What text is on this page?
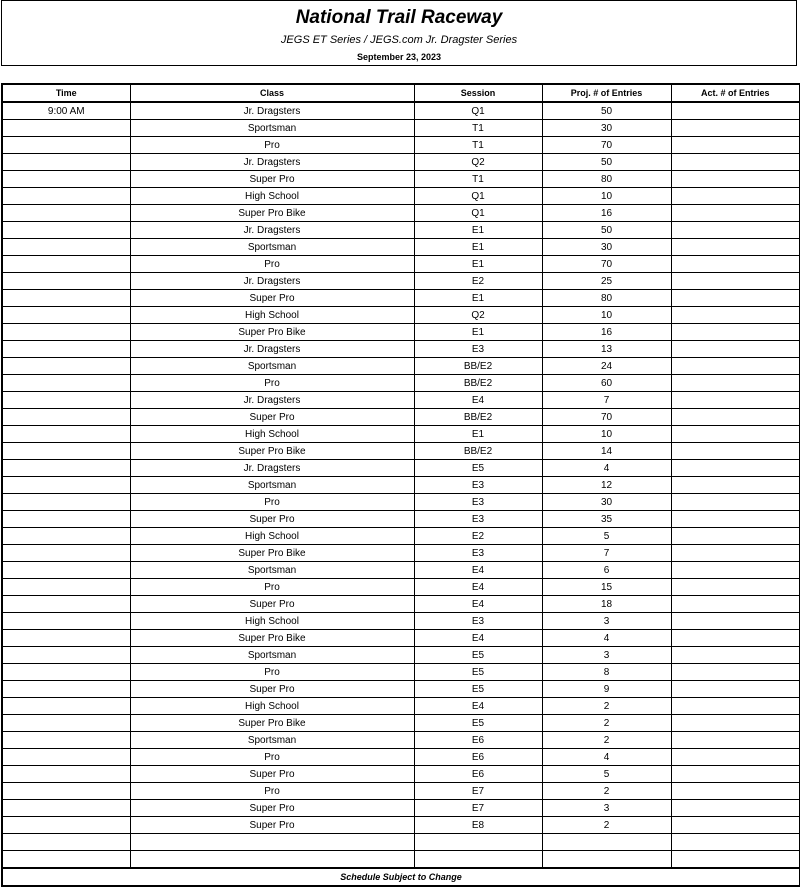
National Trail Raceway
JEGS ET Series / JEGS.com Jr. Dragster Series
September 23, 2023
Time	Class	Session	Proj. # of Entries	Act. # of Entries
9:00 AM	Jr. Dragsters	Q1	50	
	Sportsman	T1	30	
	Pro	T1	70	
	Jr. Dragsters	Q2	50	
	Super Pro	T1	80	
	High School	Q1	10	
	Super Pro Bike	Q1	16	
	Jr. Dragsters	E1	50	
	Sportsman	E1	30	
	Pro	E1	70	
	Jr. Dragsters	E2	25	
	Super Pro	E1	80	
	High School	Q2	10	
	Super Pro Bike	E1	16	
	Jr. Dragsters	E3	13	
	Sportsman	BB/E2	24	
	Pro	BB/E2	60	
	Jr. Dragsters	E4	7	
	Super Pro	BB/E2	70	
	High School	E1	10	
	Super Pro Bike	BB/E2	14	
	Jr. Dragsters	E5	4	
	Sportsman	E3	12	
	Pro	E3	30	
	Super Pro	E3	35	
	High School	E2	5	
	Super Pro Bike	E3	7	
	Sportsman	E4	6	
	Pro	E4	15	
	Super Pro	E4	18	
	High School	E3	3	
	Super Pro Bike	E4	4	
	Sportsman	E5	3	
	Pro	E5	8	
	Super Pro	E5	9	
	High School	E4	2	
	Super Pro Bike	E5	2	
	Sportsman	E6	2	
	Pro	E6	4	
	Super Pro	E6	5	
	Pro	E7	2	
	Super Pro	E7	3	
	Super Pro	E8	2	

Schedule Subject to Change				
